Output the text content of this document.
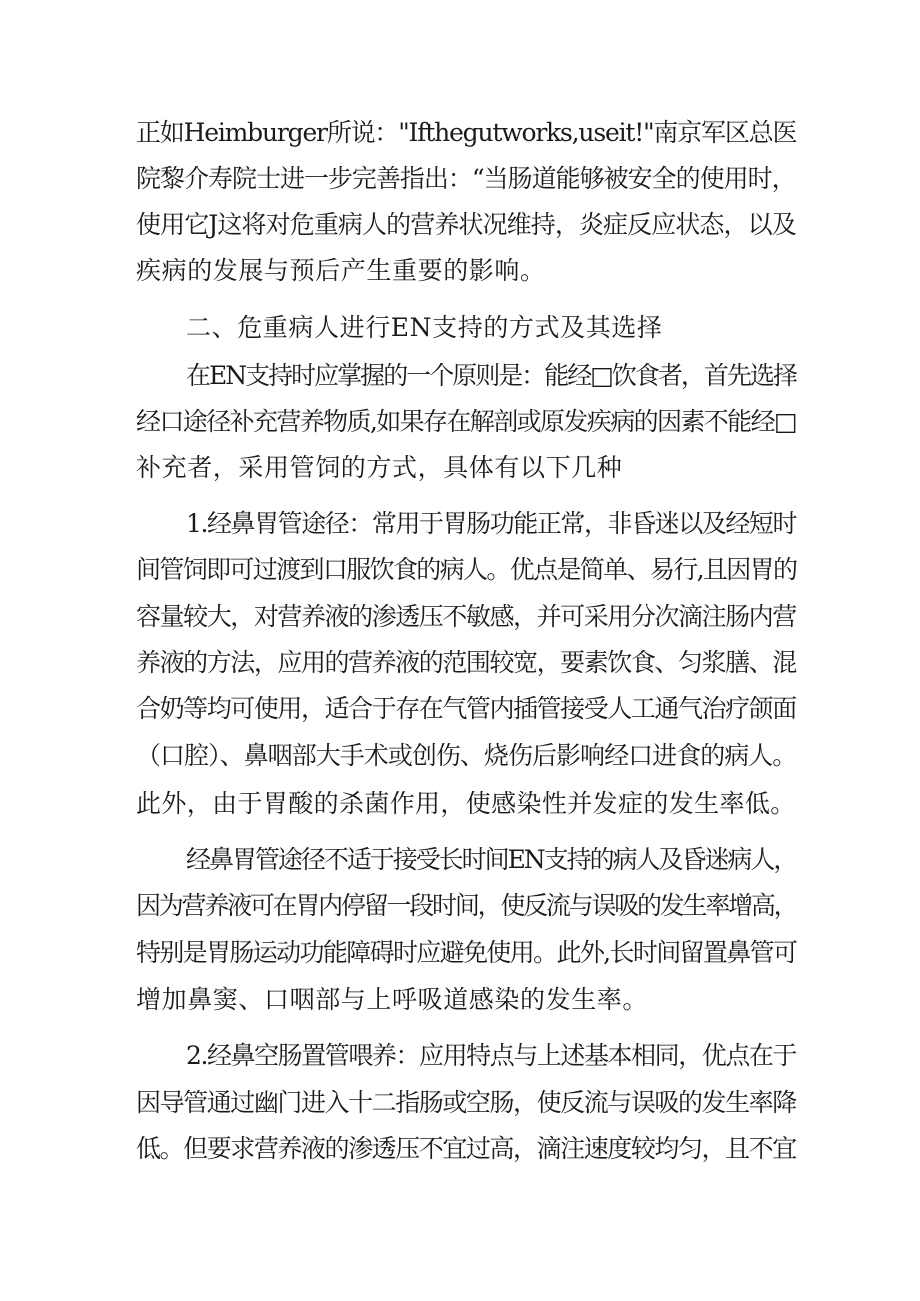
正如Heimburger所说："Ifthegutworks,useit!"南京军区总医

院黎介寿院士进一步完善指出：“当肠道能够被安全的使用时，

使用它J这将对危重病人的营养状况维持，炎症反应状态，以及

疾病的发展与预后产生重要的影响。

二、危重病人进行EN支持的方式及其选择

在EN支持时应掌握的一个原则是：能经□饮食者，首先选择

经口途径补充营养物质,如果存在解剖或原发疾病的因素不能经□

补充者，采用管饲的方式，具体有以下几种

1.经鼻胃管途径：常用于胃肠功能正常，非昏迷以及经短时

间管饲即可过渡到口服饮食的病人。优点是简单、易行,且因胃的

容量较大，对营养液的渗透压不敏感，并可采用分次滴注肠内营

养液的方法，应用的营养液的范围较宽，要素饮食、匀浆膳、混

合奶等均可使用，适合于存在气管内插管接受人工通气治疗颌面

（口腔）、鼻咽部大手术或创伤、烧伤后影响经口进食的病人。

此外，由于胃酸的杀菌作用，使感染性并发症的发生率低。

经鼻胃管途径不适于接受长时间EN支持的病人及昏迷病人，

因为营养液可在胃内停留一段时间，使反流与误吸的发生率增高，

特别是胃肠运动功能障碍时应避免使用。此外,长时间留置鼻管可

增加鼻窦、口咽部与上呼吸道感染的发生率。

2.经鼻空肠置管喂养：应用特点与上述基本相同，优点在于

因导管通过幽门进入十二指肠或空肠，使反流与误吸的发生率降

低。但要求营养液的渗透压不宜过高，滴注速度较均匀，且不宜
